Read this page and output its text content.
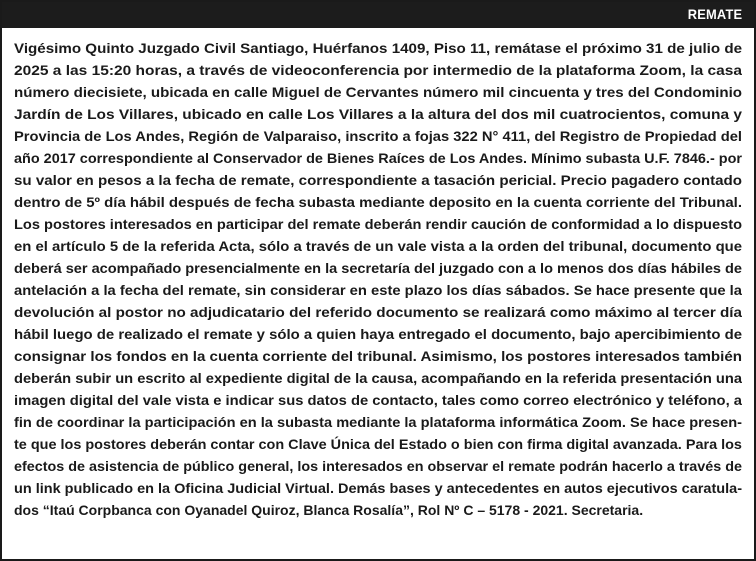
REMATE
Vigésimo Quinto Juzgado Civil Santiago, Huérfanos 1409, Piso 11, remátase el próximo 31 de julio de
2025 a las 15:20 horas, a través de videoconferencia por intermedio de la plataforma Zoom, la casa
número diecisiete, ubicada en calle Miguel de Cervantes número mil cincuenta y tres del Condominio
Jardín de Los Villares, ubicado en calle Los Villares a la altura del dos mil cuatrocientos, comuna y
Provincia de Los Andes, Región de Valparaiso, inscrito a fojas 322 N° 411, del Registro de Propiedad del
año 2017 correspondiente al Conservador de Bienes Raíces de Los Andes. Mínimo subasta U.F. 7846.- por
su valor en pesos a la fecha de remate, correspondiente a tasación pericial. Precio pagadero contado
dentro de 5º día hábil después de fecha subasta mediante deposito en la cuenta corriente del Tribunal.
Los postores interesados en participar del remate deberán rendir caución de conformidad a lo dispuesto
en el artículo 5 de la referida Acta, sólo a través de un vale vista a la orden del tribunal, documento que
deberá ser acompañado presencialmente en la secretaría del juzgado con a lo menos dos días hábiles de
antelación a la fecha del remate, sin considerar en este plazo los días sábados. Se hace presente que la
devolución al postor no adjudicatario del referido documento se realizará como máximo al tercer día
hábil luego de realizado el remate y sólo a quien haya entregado el documento, bajo apercibimiento de
consignar los fondos en la cuenta corriente del tribunal. Asimismo, los postores interesados también
deberán subir un escrito al expediente digital de la causa, acompañando en la referida presentación una
imagen digital del vale vista e indicar sus datos de contacto, tales como correo electrónico y teléfono, a
fin de coordinar la participación en la subasta mediante la plataforma informática Zoom. Se hace presen-
te que los postores deberán contar con Clave Única del Estado o bien con firma digital avanzada. Para los
efectos de asistencia de público general, los interesados en observar el remate podrán hacerlo a través de
un link publicado en la Oficina Judicial Virtual. Demás bases y antecedentes en autos ejecutivos caratula-
dos “Itaú Corpbanca con Oyanadel Quiroz, Blanca Rosalía”, Rol Nº C – 5178 - 2021. Secretaria.
